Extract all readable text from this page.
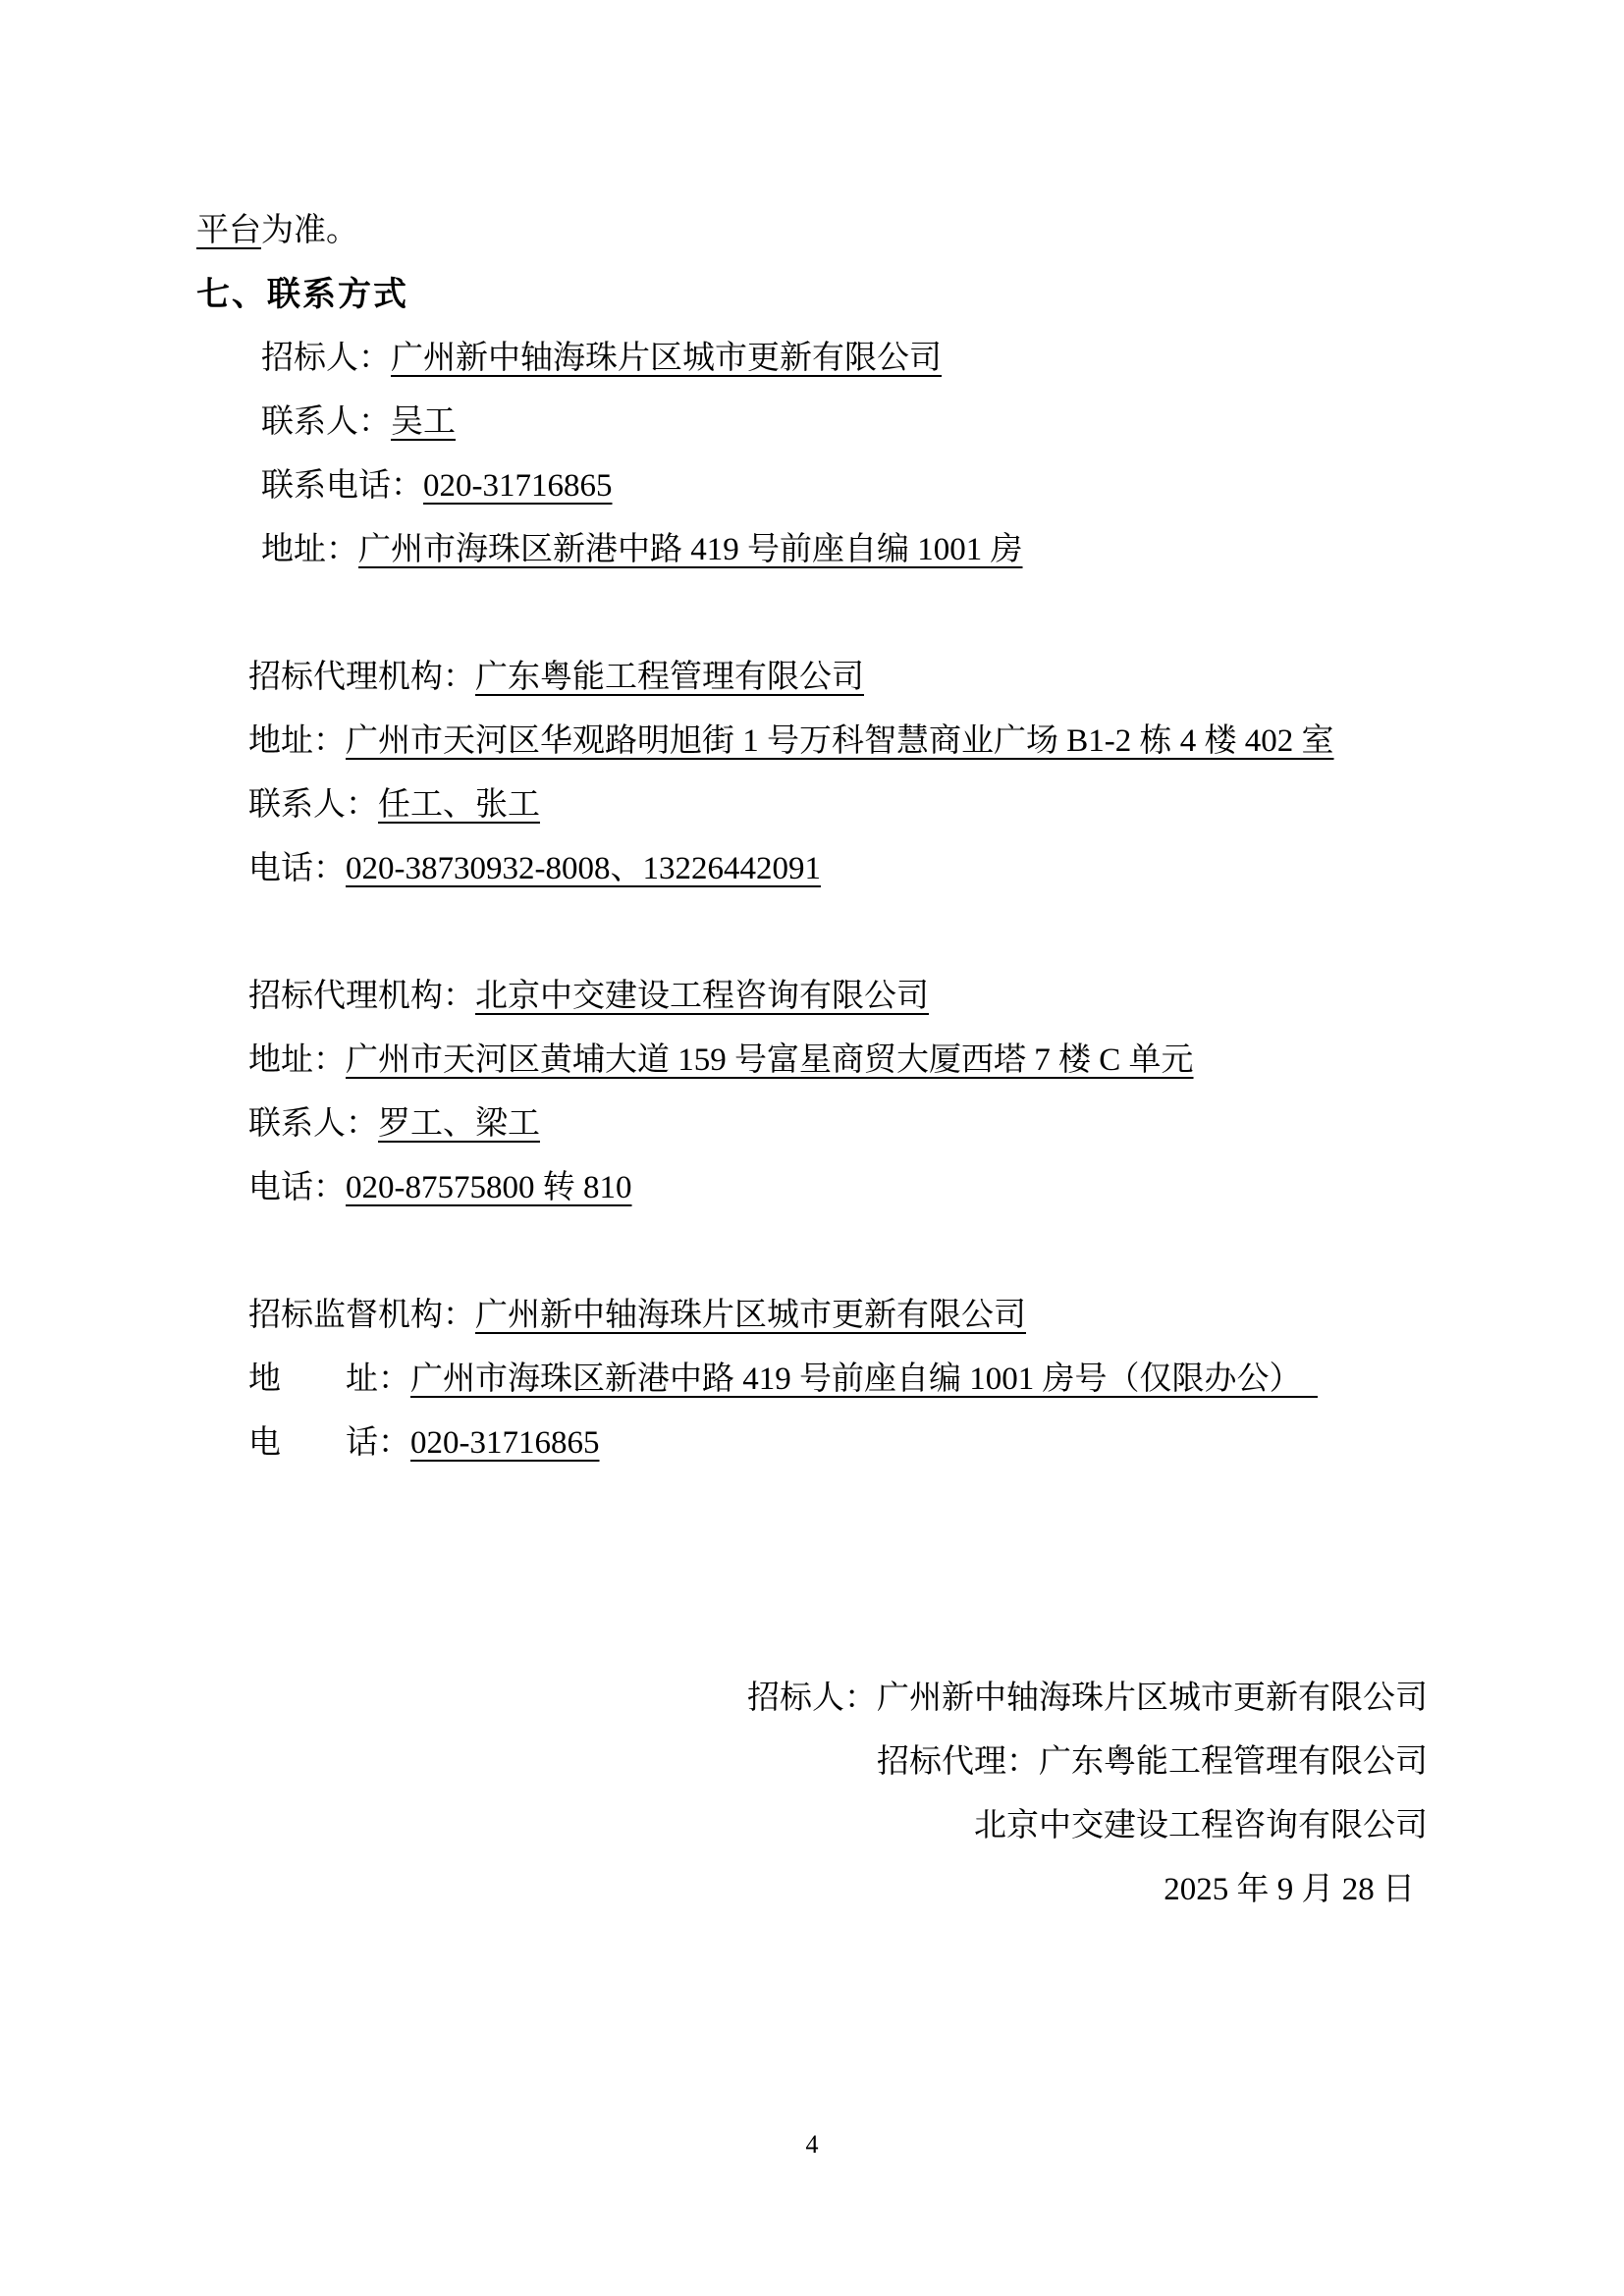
平台为准。
七、联系方式
招标人：广州新中轴海珠片区城市更新有限公司
联系人：吴工
联系电话：020-31716865
地址：广州市海珠区新港中路 419 号前座自编 1001 房
招标代理机构：广东粤能工程管理有限公司
地址：广州市天河区华观路明旭街 1 号万科智慧商业广场 B1-2 栋 4 楼 402 室
联系人：任工、张工
电话：020-38730932-8008、13226442091
招标代理机构：北京中交建设工程咨询有限公司
地址：广州市天河区黄埔大道 159 号富星商贸大厦西塔 7 楼 C 单元
联系人：罗工、梁工
电话：020-87575800 转 810
招标监督机构：广州新中轴海珠片区城市更新有限公司
地　　址：广州市海珠区新港中路 419 号前座自编 1001 房号（仅限办公）
电　　话：020-31716865
招标人：广州新中轴海珠片区城市更新有限公司
招标代理：广东粤能工程管理有限公司
北京中交建设工程咨询有限公司
2025 年 9 月 28 日
4
